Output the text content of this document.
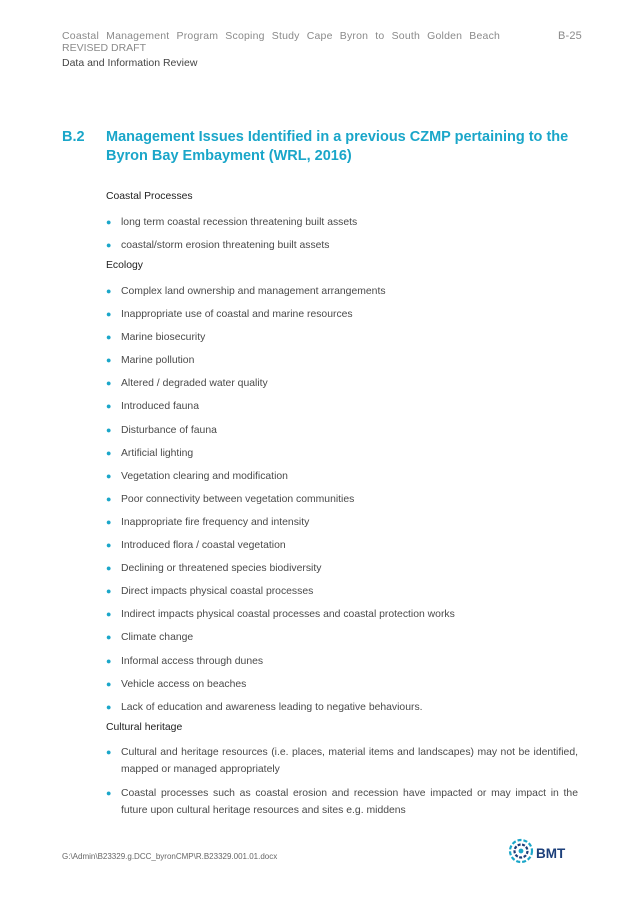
Coastal Management Program Scoping Study Cape Byron to South Golden Beach	B-25
REVISED DRAFT
Data and Information Review
B.2	Management Issues Identified in a previous CZMP pertaining to the Byron Bay Embayment (WRL, 2016)
Coastal Processes
● long term coastal recession threatening built assets
● coastal/storm erosion threatening built assets
Ecology
● Complex land ownership and management arrangements
● Inappropriate use of coastal and marine resources
● Marine biosecurity
● Marine pollution
● Altered / degraded water quality
● Introduced fauna
● Disturbance of fauna
● Artificial lighting
● Vegetation clearing and modification
● Poor connectivity between vegetation communities
● Inappropriate fire frequency and intensity
● Introduced flora / coastal vegetation
● Declining or threatened species biodiversity
● Direct impacts physical coastal processes
● Indirect impacts physical coastal processes and coastal protection works
● Climate change
● Informal access through dunes
● Vehicle access on beaches
● Lack of education and awareness leading to negative behaviours.
Cultural heritage
● Cultural and heritage resources (i.e. places, material items and landscapes) may not be identified, mapped or managed appropriately
● Coastal processes such as coastal erosion and recession have impacted or may impact in the future upon cultural heritage resources and sites e.g. middens
G:\Admin\B23329.g.DCC_byronCMP\R.B23329.001.01.docx	BMT
